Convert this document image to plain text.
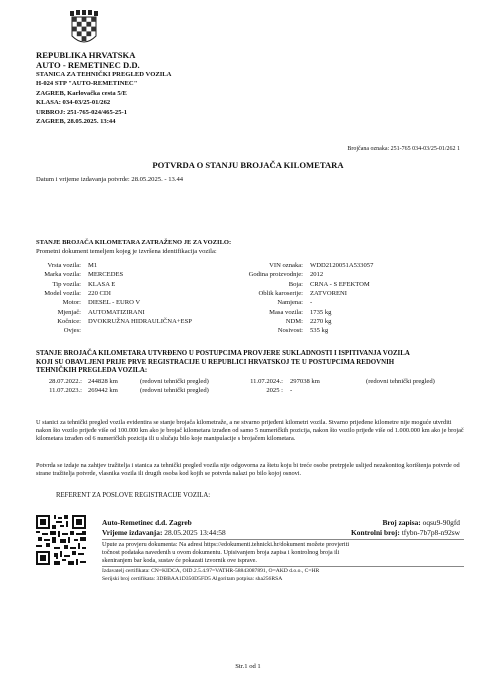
REPUBLIKA HRVATSKA
AUTO - REMETINEC D.D.
STANICA ZA TEHNIČKI PREGLED VOZILA
H-024 STP "AUTO-REMETINEC"
ZAGREB, Karlovačka cesta 5/E
KLASA: 034-03/25-01/262
URBROJ: 251-765-024/465-25-1
ZAGREB, 28.05.2025. 13:44
Brojčana oznaka: 251-765 034-03/25-01/262 1
POTVRDA O STANJU BROJAČA KILOMETARA
Datum i vrijeme izdavanja potvrde: 28.05.2025. - 13.44
STANJE BROJAČA KILOMETARA ZATRAŽENO JE ZA VOZILO:
Prometni dokument temeljem kojeg je izvršena identifikacija vozila:
Vrsta vozila: M1
Marka vozila: MERCEDES
Tip vozila: KLASA E
Model vozila: 220 CDI
Motor: DIESEL - EURO V
Mjenjač: AUTOMATIZIRANI
Kočnice: DVOKRUŽNA HIDRAULIČNA+ESP
Ovjes:
VIN oznaka: WDD2120051A533057
Godina proizvodnje: 2012
Boja: CRNA - S EFEKTOM
Oblik karoserije: ZATVORENI
Namjena: -
Masa vozila: 1735 kg
NDM: 2270 kg
Nosivost: 535 kg
STANJE BROJAČA KILOMETARA UTVRĐENO U POSTUPCIMA PROVJERE SUKLADNOSTI I ISPITIVANJA VOZILA
KOJI SU OBAVLJENI PRIJE PRVE REGISTRACIJE U REPUBLICI HRVATSKOJ TE U POSTUPCIMA REDOVNIH
TEHNIČKIH PREGLEDA VOZILA:
28.07.2022.: 244828 km	(redovni tehnički pregled)
11.07.2023.: 269442 km	(redovni tehnički pregled)
11.07.2024.: 297038 km	(redovni tehnički pregled)
2025 : -
U stanici za tehnički pregled vozila evidentira se stanje brojača kilometraže, a ne stvarno prijeđeni kilometri vozila. Stvarno prijeđene kilometre nije moguće utvrditi nakon što vozilo prijeđe više od 100.000 km ako je brojač kilometara izrađen od samo 5 numeričkih pozicija, nakon što vozilo prijeđe više od 1.000.000 km ako je brojač kilometara izrađen od 6 numeričkih pozicija ili u slučaju bilo koje manipulacije s brojačem kilometara.
Potvrda se izdaje na zahtjev tražitelja i stanica za tehnički pregled vozila nije odgovorna za štetu koju bi treće osobe pretrpjele uslijed nezakonitog korištenja potvrde od strane tražitelja potvrde, vlasnika vozila ili drugih osoba kod kojih se potvrda nalazi po bilo kojoj osnovi.
REFERENT ZA POSLOVE REGISTRACIJE VOZILA:
Auto-Remetinec d.d. Zagreb	Broj zapisa: oqsu9-90gfd
Vrijeme izdavanja: 28.05.2025 13:44:58	Kontrolni broj: tfybn-7b7p8-n92sw
Upute za provjeru dokumenta: Na adresi https://edokumenti.tehnicki.hr/dokument možete provjeriti
točnost podataka navedenih u ovom dokumentu. Upisivanjem broja zapisa i kontrolnog broja ili
skeniranjem bar koda, sustav će pokazati izvornik ove isprave.
Izdavatelj certifikata: CN=KIDCA, OID.2.5.4.97=VATHR-58843087891, O=AKD d.o.o., C=HR
Serijski broj certifikata: 3DBBAA1D350D5FD5 Algoritam potpisa: sha256RSA
Str.1 od 1
